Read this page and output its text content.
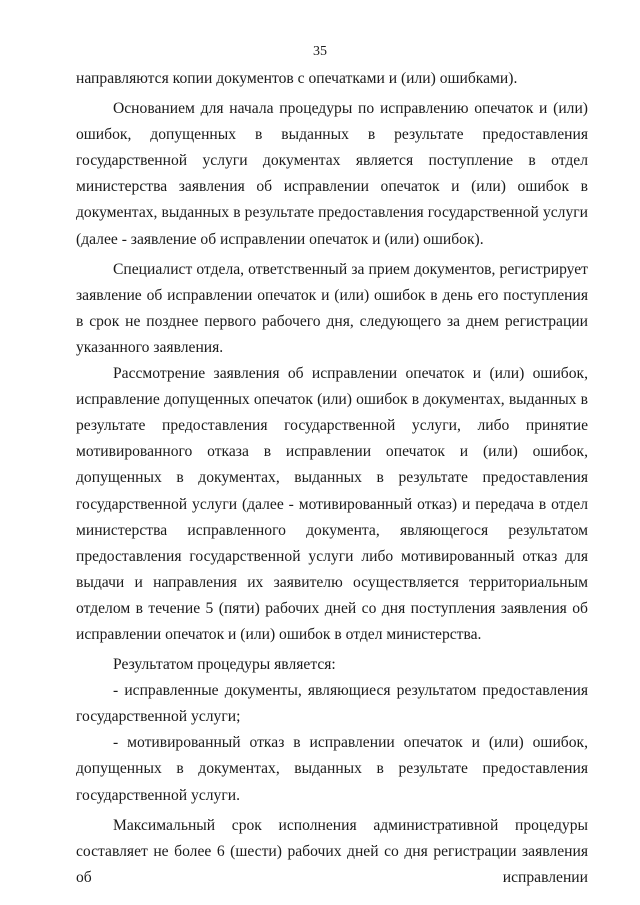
35

направляются копии документов с опечатками и (или) ошибками).

Основанием для начала процедуры по исправлению опечаток и (или) ошибок, допущенных в выданных в результате предоставления государственной услуги документах является поступление в отдел министерства заявления об исправлении опечаток и (или) ошибок в документах, выданных в результате предоставления государственной услуги (далее - заявление об исправлении опечаток и (или) ошибок).

Специалист отдела, ответственный за прием документов, регистрирует заявление об исправлении опечаток и (или) ошибок в день его поступления в срок не позднее первого рабочего дня, следующего за днем регистрации указанного заявления.

Рассмотрение заявления об исправлении опечаток и (или) ошибок, исправление допущенных опечаток (или) ошибок в документах, выданных в результате предоставления государственной услуги, либо принятие мотивированного отказа в исправлении опечаток и (или) ошибок, допущенных в документах, выданных в результате предоставления государственной услуги (далее - мотивированный отказ) и передача в отдел министерства исправленного документа, являющегося результатом предоставления государственной услуги либо мотивированный отказ для выдачи и направления их заявителю осуществляется территориальным отделом в течение 5 (пяти) рабочих дней со дня поступления заявления об исправлении опечаток и (или) ошибок в отдел министерства.

Результатом процедуры является:

- исправленные документы, являющиеся результатом предоставления государственной услуги;

- мотивированный отказ в исправлении опечаток и (или) ошибок, допущенных в документах, выданных в результате предоставления государственной услуги.

Максимальный срок исполнения административной процедуры составляет не более 6 (шести) рабочих дней со дня регистрации заявления об исправлении
